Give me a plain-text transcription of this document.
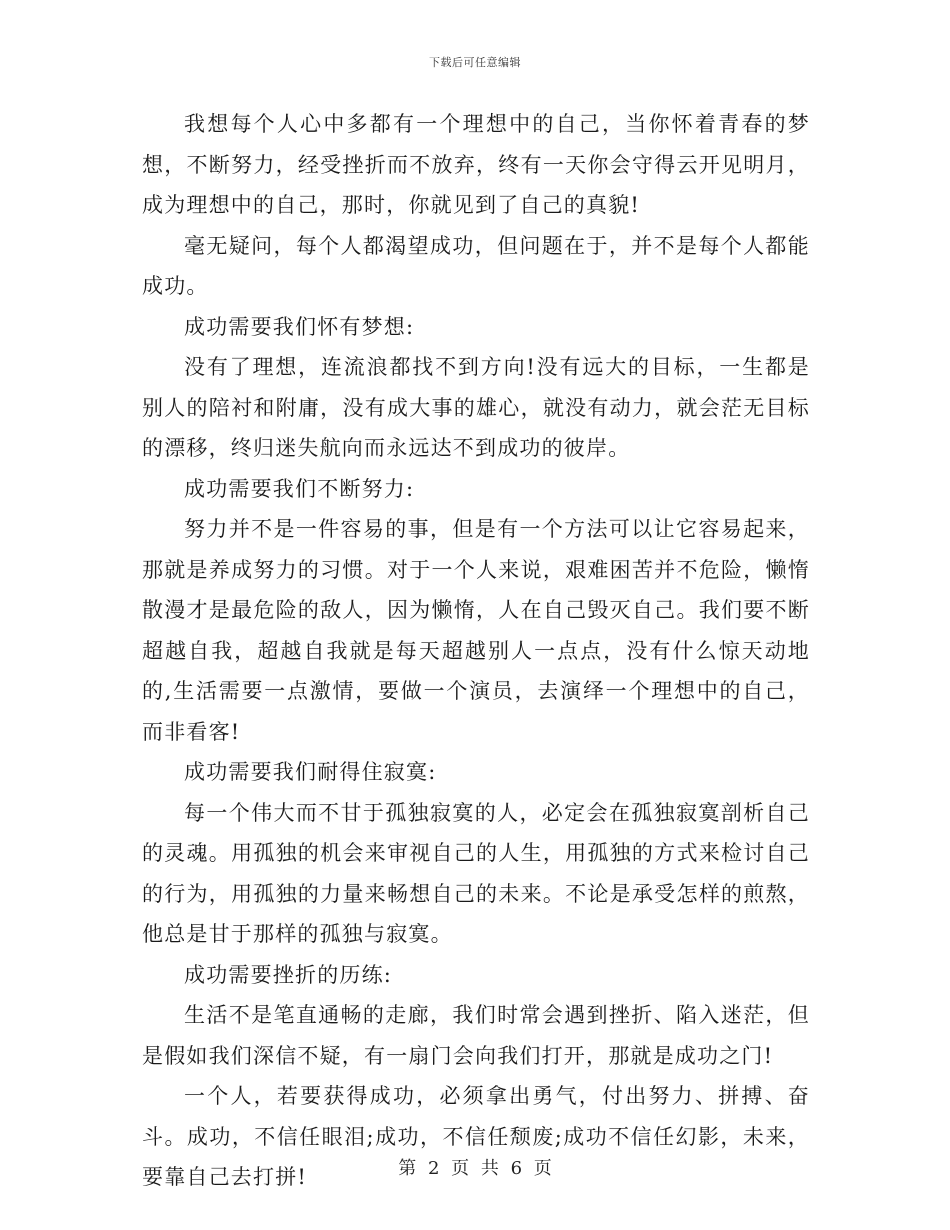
下载后可任意编辑

我想每个人心中多都有一个理想中的自己，当你怀着青春的梦想，不断努力，经受挫折而不放弃，终有一天你会守得云开见明月，成为理想中的自己，那时，你就见到了自己的真貌!

毫无疑问，每个人都渴望成功，但问题在于，并不是每个人都能成功。

成功需要我们怀有梦想:

没有了理想，连流浪都找不到方向!没有远大的目标，一生都是别人的陪衬和附庸，没有成大事的雄心，就没有动力，就会茫无目标的漂移，终归迷失航向而永远达不到成功的彼岸。

成功需要我们不断努力:

努力并不是一件容易的事，但是有一个方法可以让它容易起来，那就是养成努力的习惯。对于一个人来说，艰难困苦并不危险，懒惰散漫才是最危险的敌人，因为懒惰，人在自己毁灭自己。我们要不断超越自我，超越自我就是每天超越别人一点点，没有什么惊天动地的,生活需要一点激情，要做一个演员，去演绎一个理想中的自己，而非看客!

成功需要我们耐得住寂寞:

每一个伟大而不甘于孤独寂寞的人，必定会在孤独寂寞剖析自己的灵魂。用孤独的机会来审视自己的人生，用孤独的方式来检讨自己的行为，用孤独的力量来畅想自己的未来。不论是承受怎样的煎熬，他总是甘于那样的孤独与寂寞。

成功需要挫折的历练:

生活不是笔直通畅的走廊，我们时常会遇到挫折、陷入迷茫，但是假如我们深信不疑，有一扇门会向我们打开，那就是成功之门!

一个人，若要获得成功，必须拿出勇气，付出努力、拼搏、奋斗。成功，不信任眼泪;成功，不信任颓废;成功不信任幻影，未来，要靠自己去打拼!	第 2 页 共 6 页
